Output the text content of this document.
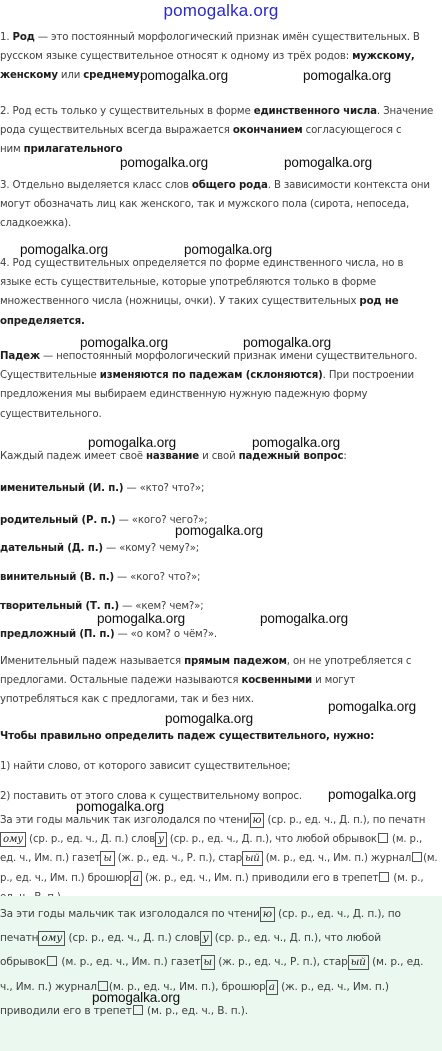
pomogalka.org
1. Род — это постоянный морфологический признак имён существительных. В
русском языке существительное относят к одному из трёх родов: мужскому,
женскому или среднему.
2. Род есть только у существительных в форме единственного числа. Значение
рода существительных всегда выражается окончанием согласующегося с
ним прилагательного
3. Отдельно выделяется класс слов общего рода. В зависимости контекста они
могут обозначать лиц как женского, так и мужского пола (сирота, непоседа,
сладкоежка).
4. Род существительных определяется по форме единственного числа, но в
языке есть существительные, которые употребляются только в форме
множественного числа (ножницы, очки). У таких существительных род не
определяется.
Падеж — непостоянный морфологический признак имени существительного.
Существительные изменяются по падежам (склоняются). При построении
предложения мы выбираем единственную нужную падежную форму
существительного.
Каждый падеж имеет своё название и свой падежный вопрос:
именительный (И. п.) — «кто? что?»;
родительный (Р. п.) — «кого? чего?»;
дательный (Д. п.) — «кому? чему?»;
винительный (В. п.) — «кого? что?»;
творительный (Т. п.) — «кем? чем?»;
предложный (П. п.) — «о ком? о чём?».
Именительный падеж называется прямым падежом, он не употребляется с
предлогами. Остальные падежи называются косвенными и могут
употребляться как с предлогами, так и без них.
Чтобы правильно определить падеж существительного, нужно:
1) найти слово, от которого зависит существительное;
2) поставить от этого слова к существительному вопрос.
За эти годы мальчик так изголодался по чтени ю (ср. р., ед. ч., Д. п.), по печатн
ому (ср. р., ед. ч., Д. п.) слов у (ср. р., ед. ч., Д. п.), что любой обрывок (м. р.,
ед. ч., Им. п.) газет ы (ж. р., ед. ч., Р. п.), стар ый (м. р., ед. ч., Им. п.) журнал (м.
р., ед. ч., Им. п.) брошюр а (ж. р., ед. ч., Им. п.) приводили его в трепет (м. р.,
pomogalka.org	pomogalka.org
pomogalka.org	pomogalka.org
pomogalka.org	pomogalka.org
pomogalka.org	pomogalka.org
pomogalka.org	pomogalka.org
pomogalka.org
pomogalka.org	pomogalka.org
pomogalka.org
pomogalka.org
pomogalka.org
pomogalka.org
За эти годы мальчик так изголодался по чтени ю (ср. р., ед. ч., Д. п.), по
печатн ому (ср. р., ед. ч., Д. п.) слов у (ср. р., ед. ч., Д. п.), что любой
обрывок (м. р., ед. ч., Им. п.) газет ы (ж. р., ед. ч., Р. п.), стар ый (м. р., ед.
ч., Им. п.) журнал (м. р., ед. ч., Им. п.), брошюр а (ж. р., ед. ч., Им. п.)
приводили его в трепет (м. р., ед. ч., В. п.).
pomogalka.org
